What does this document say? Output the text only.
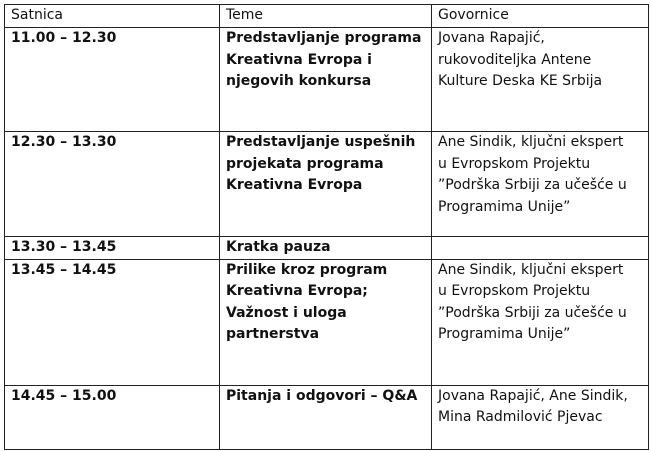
Satnica	Teme	Govornice
11.00 – 12.30	Predstavljanje programa
Kreativna Evropa i
njegovih konkursa	Jovana Rapajić,
rukovoditeljka Antene
Kulture Deska KE Srbija

12.30 – 13.30	Predstavljanje uspešnih
projekata programa
Kreativna Evropa	Ane Sindik, ključni ekspert
u Evropskom Projektu
”Podrška Srbiji za učešće u
Programima Unije”

13.30 – 13.45	Kratka pauza	

13.45 – 14.45	Prilike kroz program
Kreativna Evropa;
Važnost i uloga
partnerstva	Ane Sindik, ključni ekspert
u Evropskom Projektu
”Podrška Srbiji za učešće u
Programima Unije”

14.45 – 15.00	Pitanja i odgovori – Q&A	Jovana Rapajić, Ane Sindik,
Mina Radmilović Pjevac
